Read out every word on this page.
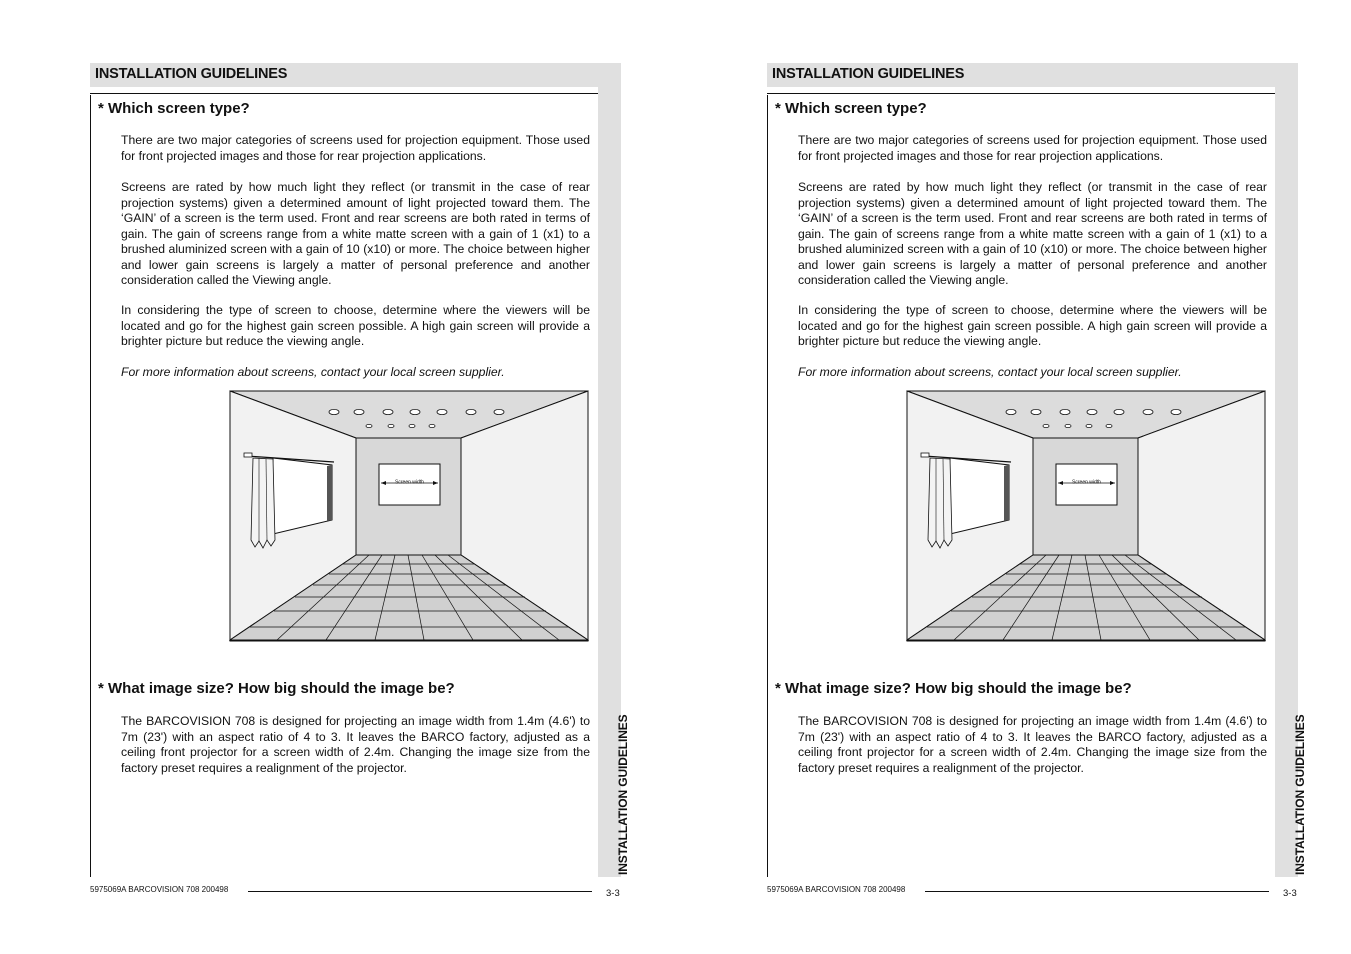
INSTALLATION GUIDELINES
INSTALLATION GUIDELINES
* Which screen type?

There are two major categories of screens used for projection equipment. Those used for front projected images and those for rear projection applications.

Screens are rated by how much light they reflect (or transmit in the case of rear projection systems) given a determined amount of light projected toward them. The ‘GAIN’ of a screen is the term used. Front and rear screens are both rated in terms of gain. The gain of screens range from a white matte screen with a gain of 1 (x1) to a brushed aluminized screen with a gain of 10 (x10) or more. The choice between higher and lower gain screens is largely a matter of personal preference and another consideration called the Viewing angle.

In considering the type of screen to choose, determine where the viewers will be located and go for the highest gain screen possible. A high gain screen will provide a brighter picture but reduce the viewing angle.

For more information about screens, contact your local screen supplier.

Screen width
* What image size? How big should the image be?

The BARCOVISION 708 is designed for projecting an image width from 1.4m (4.6') to 7m (23') with an aspect ratio of 4 to 3. It leaves the BARCO factory, adjusted as a ceiling front projector for a screen width of 2.4m. Changing the image size from the factory preset requires a realignment of the projector.

5975069A BARCOVISION 708 200498	3-3
INSTALLATION GUIDELINES
INSTALLATION GUIDELINES
* Which screen type?

There are two major categories of screens used for projection equipment. Those used for front projected images and those for rear projection applications.

Screens are rated by how much light they reflect (or transmit in the case of rear projection systems) given a determined amount of light projected toward them. The ‘GAIN’ of a screen is the term used. Front and rear screens are both rated in terms of gain. The gain of screens range from a white matte screen with a gain of 1 (x1) to a brushed aluminized screen with a gain of 10 (x10) or more. The choice between higher and lower gain screens is largely a matter of personal preference and another consideration called the Viewing angle.

In considering the type of screen to choose, determine where the viewers will be located and go for the highest gain screen possible. A high gain screen will provide a brighter picture but reduce the viewing angle.

For more information about screens, contact your local screen supplier.

Screen width
* What image size? How big should the image be?

The BARCOVISION 708 is designed for projecting an image width from 1.4m (4.6') to 7m (23') with an aspect ratio of 4 to 3. It leaves the BARCO factory, adjusted as a ceiling front projector for a screen width of 2.4m. Changing the image size from the factory preset requires a realignment of the projector.

5975069A BARCOVISION 708 200498	3-3
